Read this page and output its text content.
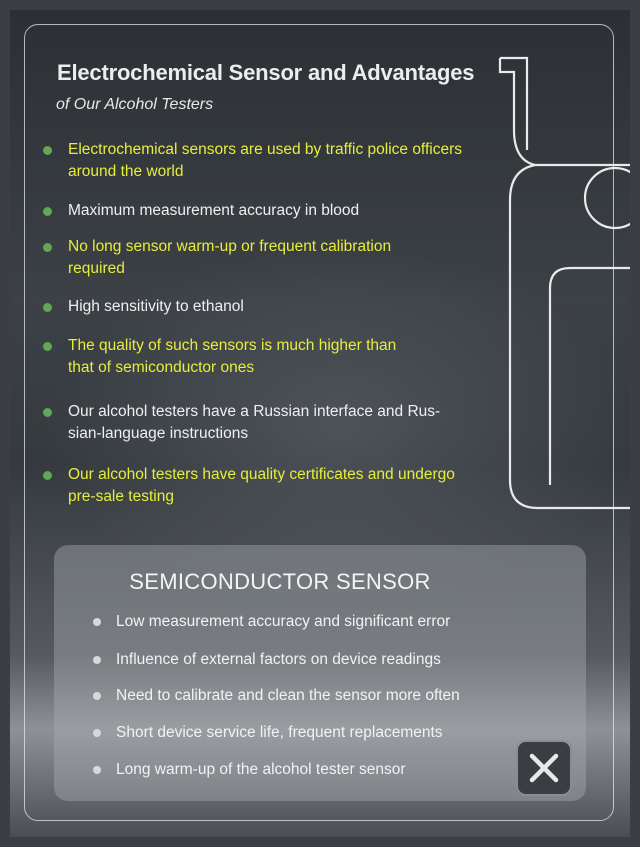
Electrochemical Sensor and Advantages
of Our Alcohol Testers
Electrochemical sensors are used by traffic police officers
around the world
Maximum measurement accuracy in blood
No long sensor warm-up or frequent calibration
required
High sensitivity to ethanol
The quality of such sensors is much higher than
that of semiconductor ones
Our alcohol testers have a Russian interface and Rus-
sian-language instructions
Our alcohol testers have quality certificates and undergo
pre-sale testing
SEMICONDUCTOR SENSOR
Low measurement accuracy and significant error
Influence of external factors on device readings
Need to calibrate and clean the sensor more often
Short device service life, frequent replacements
Long warm-up of the alcohol tester sensor
